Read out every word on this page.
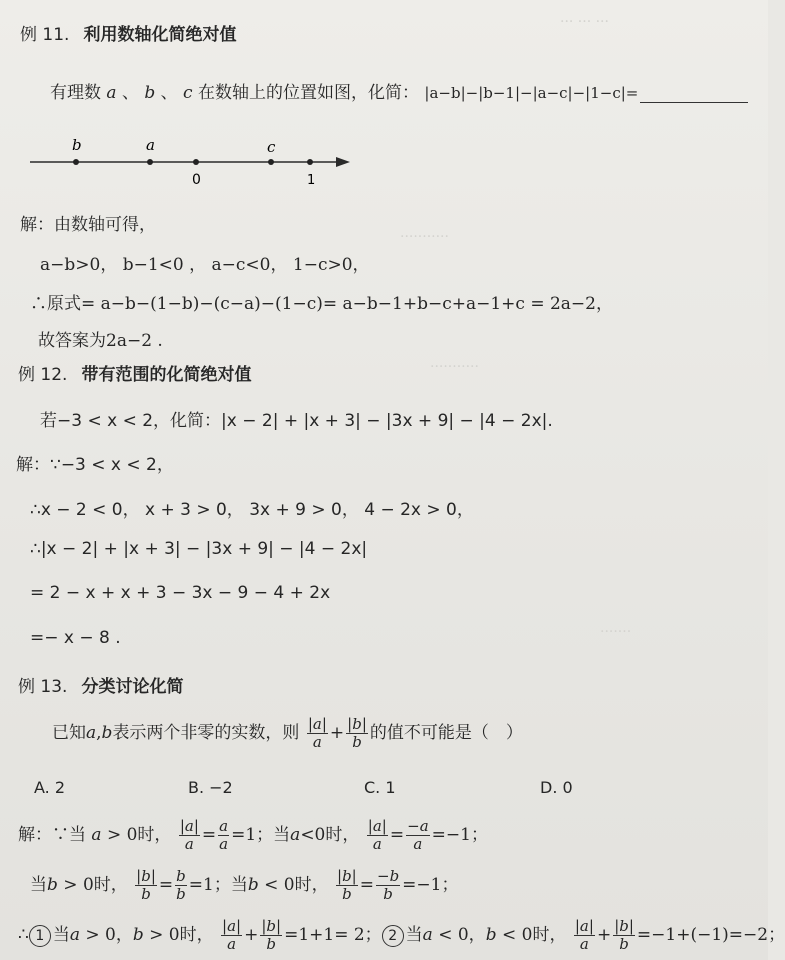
... ... ...
...........
...........
.......
例 11. 利用数轴化简绝对值
有理数 a 、 b 、 c 在数轴上的位置如图，化简： |a−b|−|b−1|−|a−c|−|1−c|=
b	a	c
0	1
解：由数轴可得，
a−b>0， b−1<0 ， a−c<0， 1−c>0，
∴原式= a−b−(1−b)−(c−a)−(1−c)= a−b−1+b−c+a−1+c = 2a−2，
故答案为2a−2 .
例 12. 带有范围的化简绝对值
若−3 < x < 2，化简：|x − 2| + |x + 3| − |3x + 9| − |4 − 2x|.
解：∵−3 < x < 2，
∴x − 2 < 0， x + 3 > 0， 3x + 9 > 0， 4 − 2x > 0，
∴|x − 2| + |x + 3| − |3x + 9| − |4 − 2x|
= 2 − x + x + 3 − 3x − 9 − 4 + 2x
=− x − 8 .
例 13. 分类讨论化简
已知a,b表示两个非零的实数，则 $\frac{|a|}{a} + \frac{|b|}{b}$ 的值不可能是（　）
A. 2	B. −2	C. 1	D. 0
解：∵当 a > 0时， $\frac{|a|}{a} = \frac{a}{a} =1$；当a<0时， $\frac{|a|}{a} = \frac{-a}{a} =-1$；
当b > 0时， $\frac{|b|}{b} = \frac{b}{b} =1$；当b < 0时， $\frac{|b|}{b} = \frac{-b}{b} =-1$；
∴ 1 当a > 0，b > 0时， $\frac{|a|}{a} + \frac{|b|}{b} =1+1= 2$； 2 当a < 0，b < 0时， $\frac{|a|}{a} + \frac{|b|}{b} =-1+(-1)=-2$；
